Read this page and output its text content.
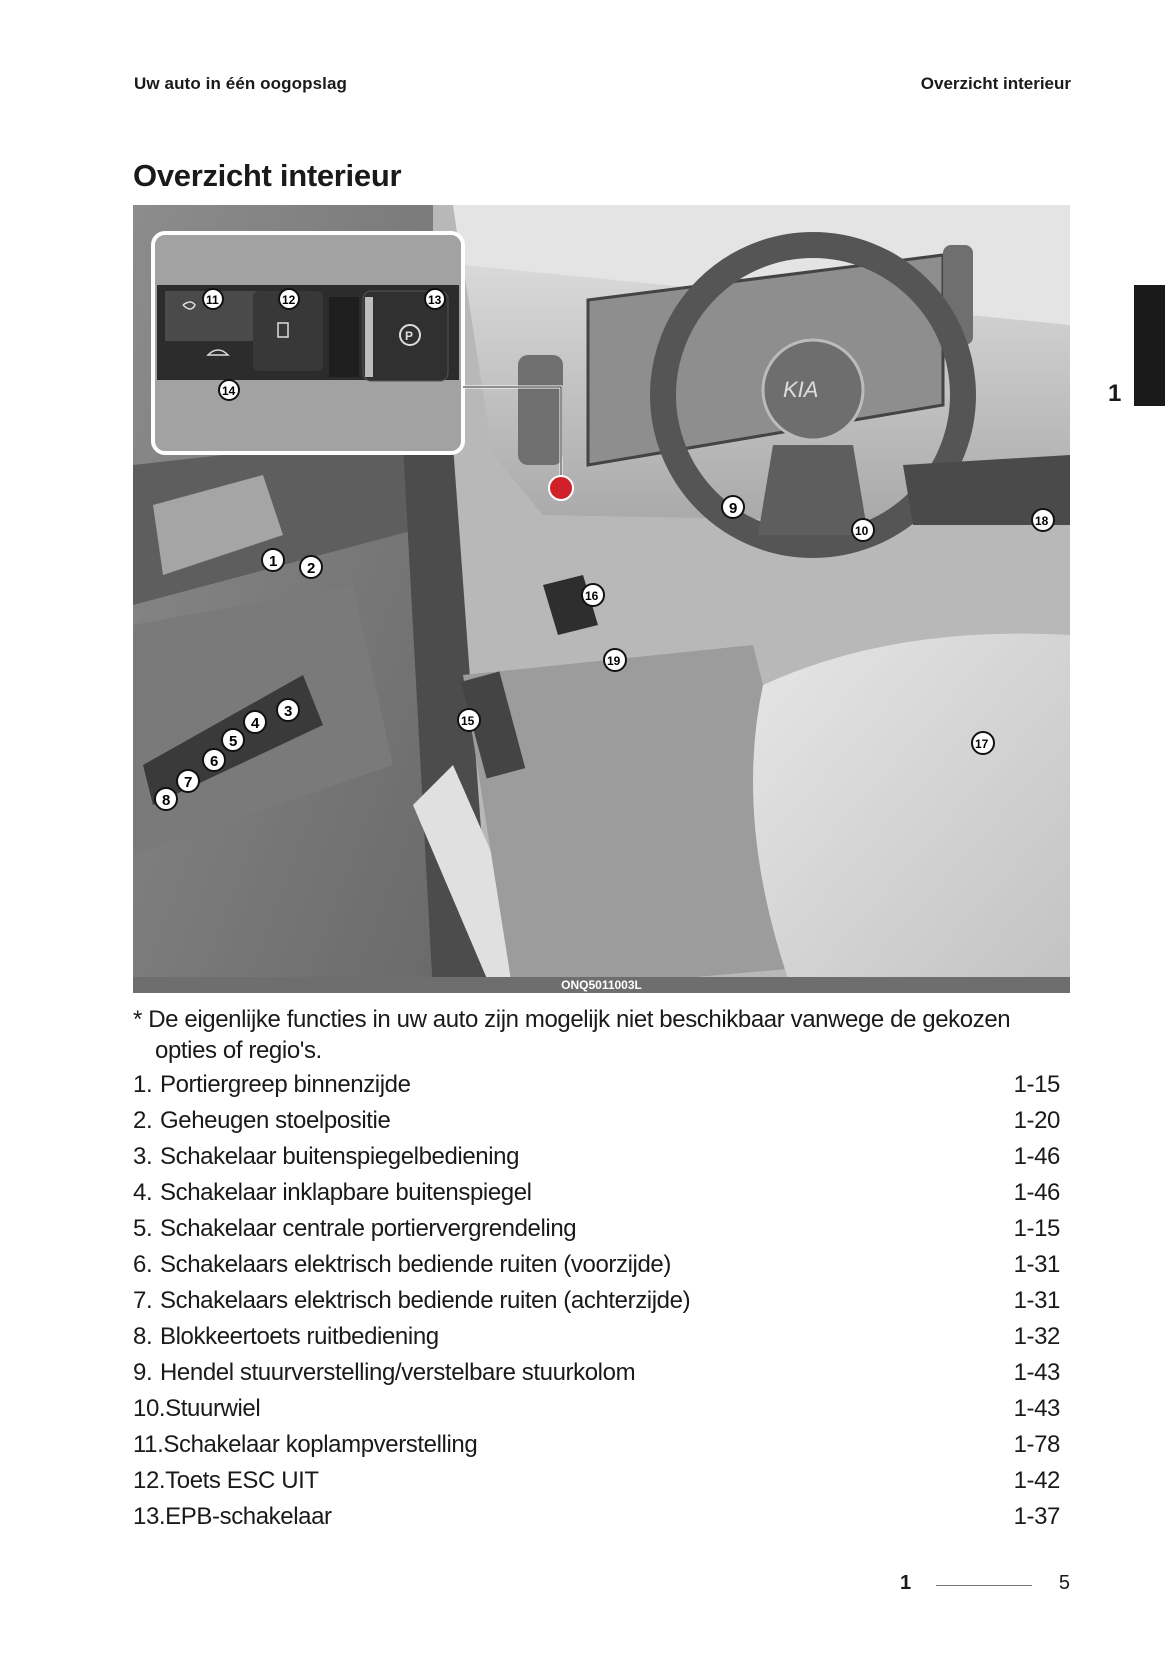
Uw auto in één oogopslag	Overzicht interieur
1
Overzicht interieur
KIA
P
11	12	13
14
1 2
3
4
5
6
7
8
9
10
15
16
17
18
19
ONQ5011003L
* De eigenlijke functies in uw auto zijn mogelijk niet beschikbaar vanwege de gekozen
opties of regio's.
1. Portiergreep binnenzijde	1-15
2. Geheugen stoelpositie	1-20
3. Schakelaar buitenspiegelbediening	1-46
4. Schakelaar inklapbare buitenspiegel	1-46
5. Schakelaar centrale portiervergrendeling	1-15
6. Schakelaars elektrisch bediende ruiten (voorzijde)	1-31
7. Schakelaars elektrisch bediende ruiten (achterzijde)	1-31
8. Blokkeertoets ruitbediening	1-32
9. Hendel stuurverstelling/verstelbare stuurkolom	1-43
10.Stuurwiel	1-43
11.Schakelaar koplampverstelling	1-78
12.Toets ESC UIT	1-42
13.EPB-schakelaar	1-37
1	5
